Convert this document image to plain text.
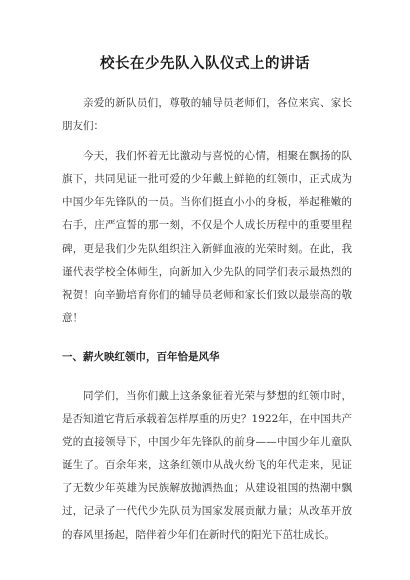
校长在少先队入队仪式上的讲话

亲爱的新队员们，尊敬的辅导员老师们，各位来宾、家长朋友们：

今天，我们怀着无比激动与喜悦的心情，相聚在飘扬的队旗下，共同见证一批可爱的少年戴上鲜艳的红领巾，正式成为中国少年先锋队的一员。当你们挺直小小的身板，举起稚嫩的右手，庄严宣誓的那一刻，不仅是个人成长历程中的重要里程碑，更是我们少先队组织注入新鲜血液的光荣时刻。在此，我谨代表学校全体师生，向新加入少先队的同学们表示最热烈的祝贺！向辛勤培育你们的辅导员老师和家长们致以最崇高的敬意！

一、薪火映红领巾，百年恰是风华

同学们，当你们戴上这条象征着光荣与梦想的红领巾时，是否知道它背后承载着怎样厚重的历史？1922年，在中国共产党的直接领导下，中国少年先锋队的前身——中国少年儿童队诞生了。百余年来，这条红领巾从战火纷飞的年代走来，见证了无数少年英雄为民族解放抛洒热血；从建设祖国的热潮中飘过，记录了一代代少先队员为国家发展贡献力量；从改革开放的春风里扬起，陪伴着少年们在新时代的阳光下茁壮成长。
